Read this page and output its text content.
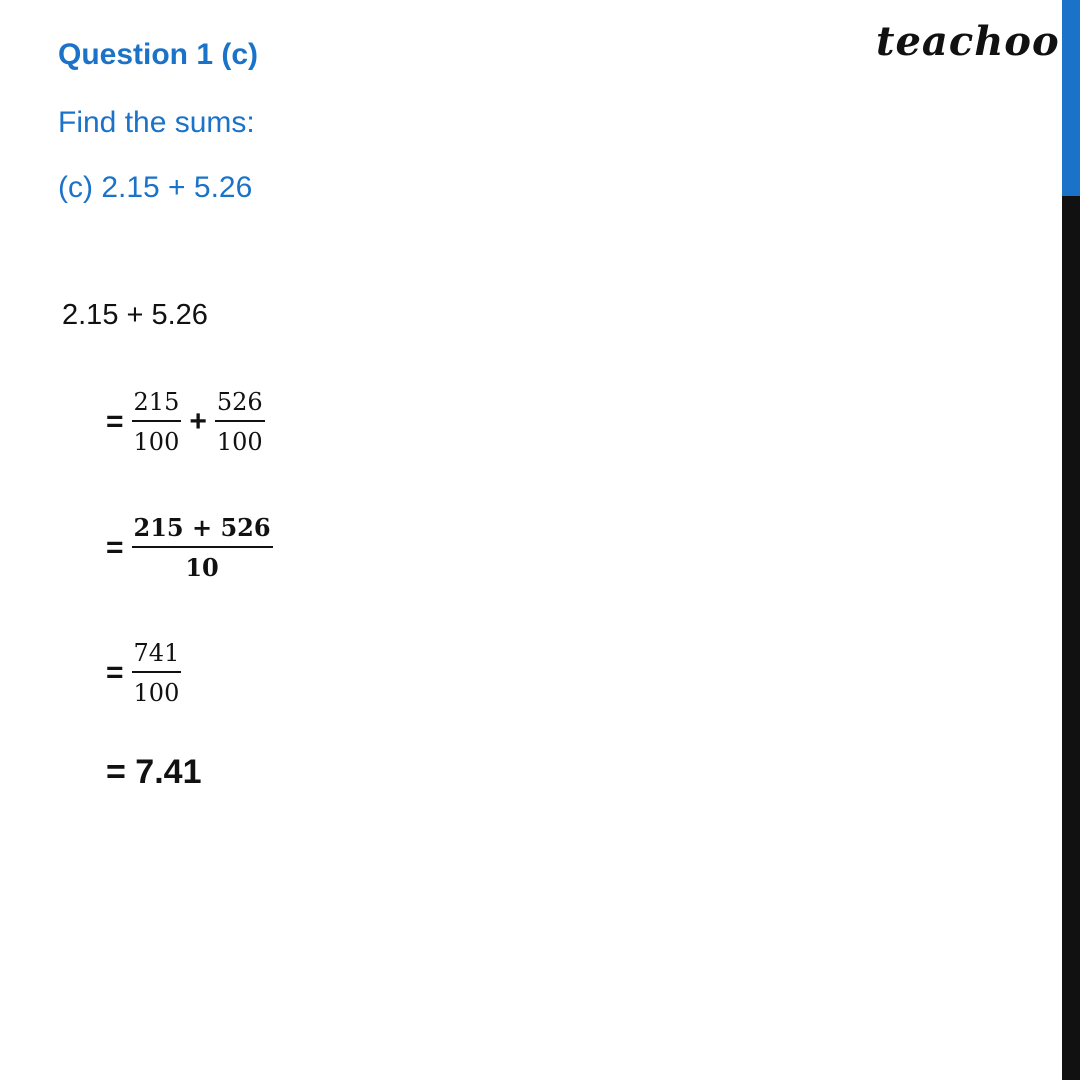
teachoo
Question 1 (c)
Find the sums:
(c) 2.15 + 5.26
2.15 + 5.26
= $\frac{215}{100} + \frac{526}{100}$
= $\frac{215 + 526}{10}$
= $\frac{741}{100}$
= 7.41
